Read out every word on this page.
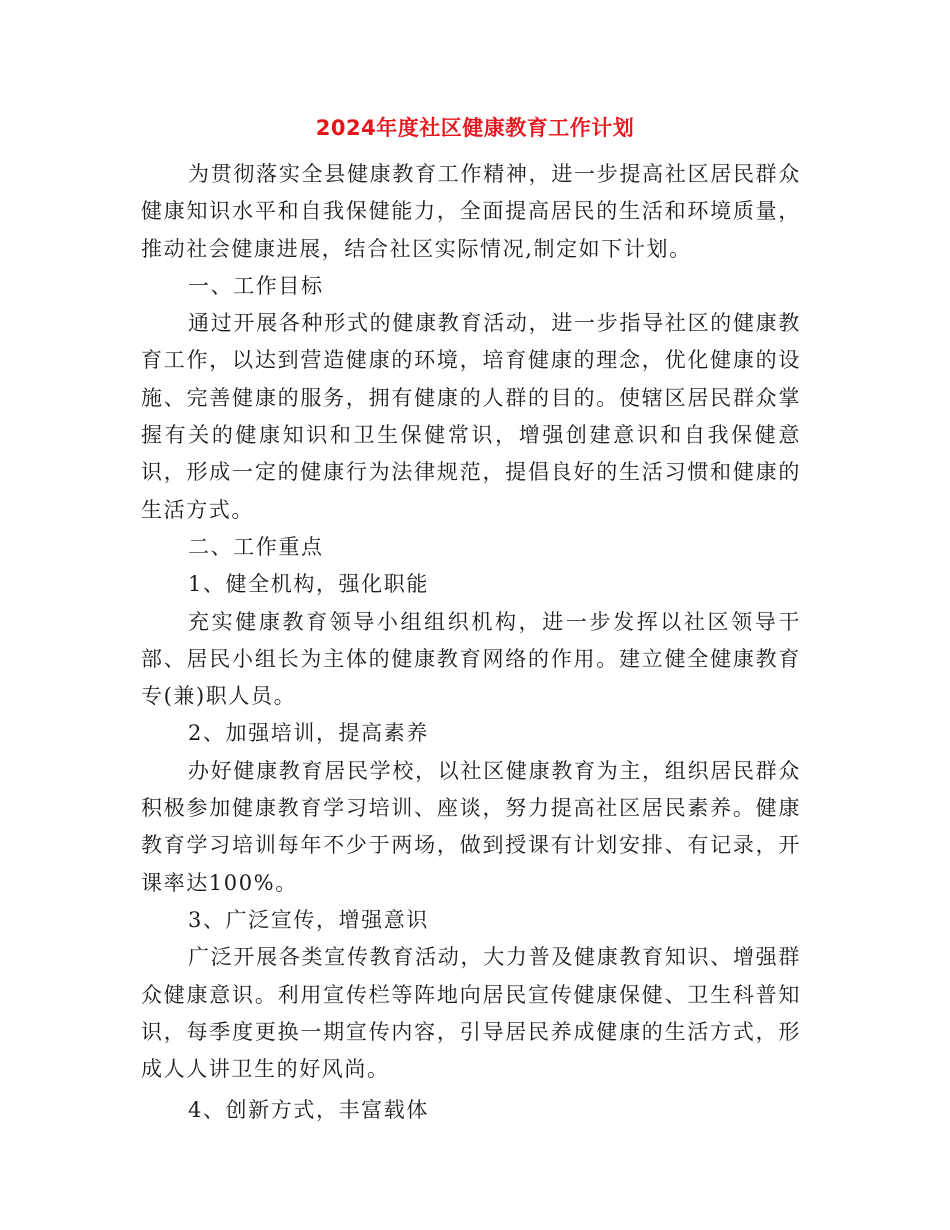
2024年度社区健康教育工作计划

为贯彻落实全县健康教育工作精神，进一步提高社区居民群众健康知识水平和自我保健能力，全面提高居民的生活和环境质量，推动社会健康进展，结合社区实际情况,制定如下计划。

一、工作目标

通过开展各种形式的健康教育活动，进一步指导社区的健康教育工作，以达到营造健康的环境，培育健康的理念，优化健康的设施、完善健康的服务，拥有健康的人群的目的。使辖区居民群众掌握有关的健康知识和卫生保健常识，增强创建意识和自我保健意识，形成一定的健康行为法律规范，提倡良好的生活习惯和健康的生活方式。

二、工作重点

1、健全机构，强化职能

充实健康教育领导小组组织机构，进一步发挥以社区领导干部、居民小组长为主体的健康教育网络的作用。建立健全健康教育专(兼)职人员。

2、加强培训，提高素养

办好健康教育居民学校，以社区健康教育为主，组织居民群众积极参加健康教育学习培训、座谈，努力提高社区居民素养。健康教育学习培训每年不少于两场，做到授课有计划安排、有记录，开课率达100%。

3、广泛宣传，增强意识

广泛开展各类宣传教育活动，大力普及健康教育知识、增强群众健康意识。利用宣传栏等阵地向居民宣传健康保健、卫生科普知识，每季度更换一期宣传内容，引导居民养成健康的生活方式，形成人人讲卫生的好风尚。

4、创新方式，丰富载体
